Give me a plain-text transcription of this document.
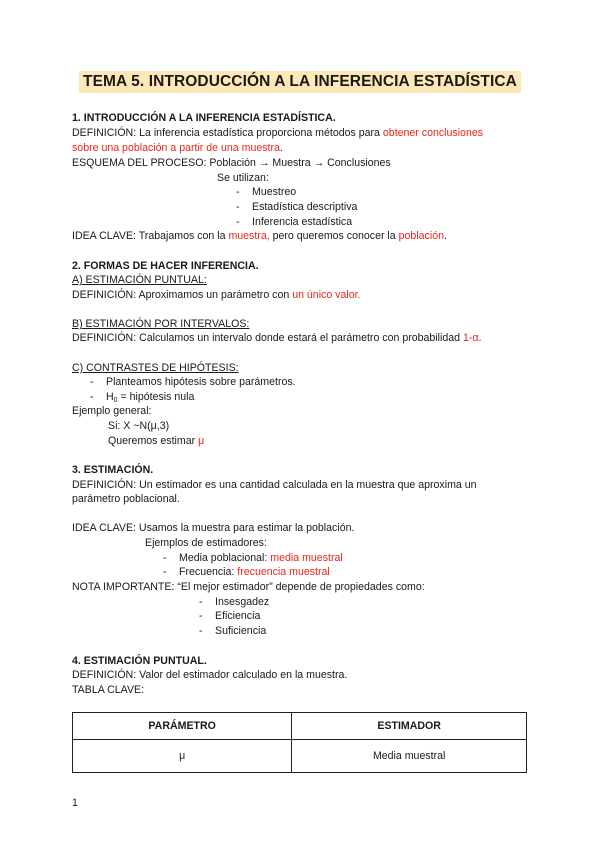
TEMA 5. INTRODUCCIÓN A LA INFERENCIA ESTADÍSTICA
1. INTRODUCCIÓN A LA INFERENCIA ESTADÍSTICA.
DEFINICIÓN: La inferencia estadística proporciona métodos para obtener conclusiones
sobre una población a partir de una muestra.
ESQUEMA DEL PROCESO: Población → Muestra → Conclusiones
Se utilizan:
- Muestreo
- Estadística descriptiva
- Inferencia estadística
IDEA CLAVE: Trabajamos con la muestra, pero queremos conocer la población.
2. FORMAS DE HACER INFERENCIA.
A) ESTIMACIÓN PUNTUAL:
DEFINICIÓN: Aproximamos un parámetro con un único valor.
B) ESTIMACIÓN POR INTERVALOS:
DEFINICIÓN: Calculamos un intervalo donde estará el parámetro con probabilidad 1-α.
C) CONTRASTES DE HIPÓTESIS:
- Planteamos hipótesis sobre parámetros.
- $H_0$ = hipótesis nula
Ejemplo general:
Si: X ~N(μ,3)
Queremos estimar μ
3. ESTIMACIÓN.
DEFINICIÓN: Un estimador es una cantidad calculada en la muestra que aproxima un
parámetro poblacional.
IDEA CLAVE: Usamos la muestra para estimar la población.
Ejemplos de estimadores:
- Media poblacional: media muestral
- Frecuencia: frecuencia muestral
NOTA IMPORTANTE: “El mejor estimador” depende de propiedades como:
- Insesgadez
- Eficiencia
- Suficiencia
4. ESTIMACIÓN PUNTUAL.
DEFINICIÓN: Valor del estimador calculado en la muestra.
TABLA CLAVE:
PARÁMETRO	ESTIMADOR
μ	Media muestral
1
